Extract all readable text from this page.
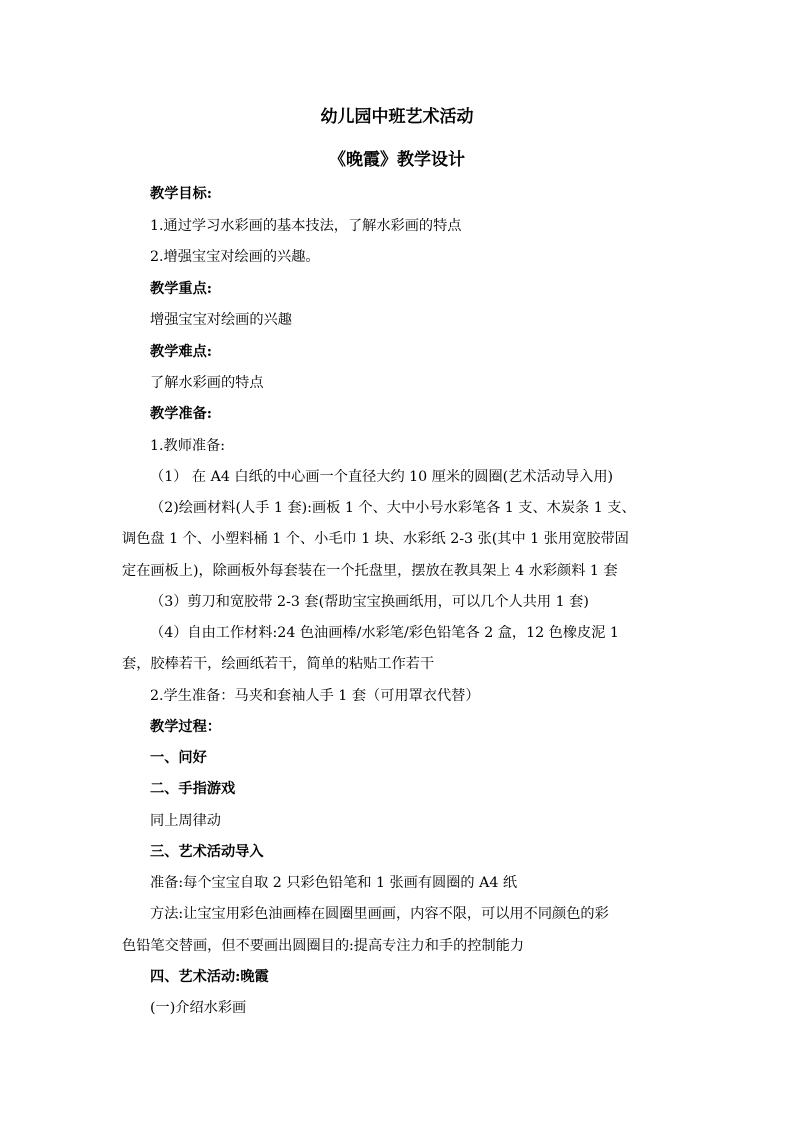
幼儿园中班艺术活动
《晚霞》教学设计
教学目标:
1.通过学习水彩画的基本技法，了解水彩画的特点
2.增强宝宝对绘画的兴趣。
教学重点:
增强宝宝对绘画的兴趣
教学难点:
了解水彩画的特点
教学准备:
1.教师准备:
（1） 在 A4 白纸的中心画一个直径大约 10 厘米的圆圈(艺术活动导入用)
（2)绘画材料(人手 1 套):画板 1 个、大中小号水彩笔各 1 支、木炭条 1 支、
调色盘 1 个、小塑料桶 1 个、小毛巾 1 块、水彩纸 2-3 张(其中 1 张用宽胶带固
定在画板上)，除画板外每套装在一个托盘里，摆放在教具架上 4 水彩颜料 1 套
（3）剪刀和宽胶带 2-3 套(帮助宝宝换画纸用，可以几个人共用 1 套)
（4）自由工作材料:24 色油画棒/水彩笔/彩色铅笔各 2 盒，12 色橡皮泥 1
套，胶棒若干，绘画纸若干，简单的粘贴工作若干
2.学生准备：马夹和套袖人手 1 套（可用罩衣代替）
教学过程：
一、问好
二、手指游戏
同上周律动
三、艺术活动导入
准备:每个宝宝自取 2 只彩色铅笔和 1 张画有圆圈的 A4 纸
方法:让宝宝用彩色油画棒在圆圈里画画，内容不限，可以用不同颜色的彩
色铅笔交替画，但不要画出圆圈目的:提高专注力和手的控制能力
四、艺术活动:晚霞
(一)介绍水彩画
